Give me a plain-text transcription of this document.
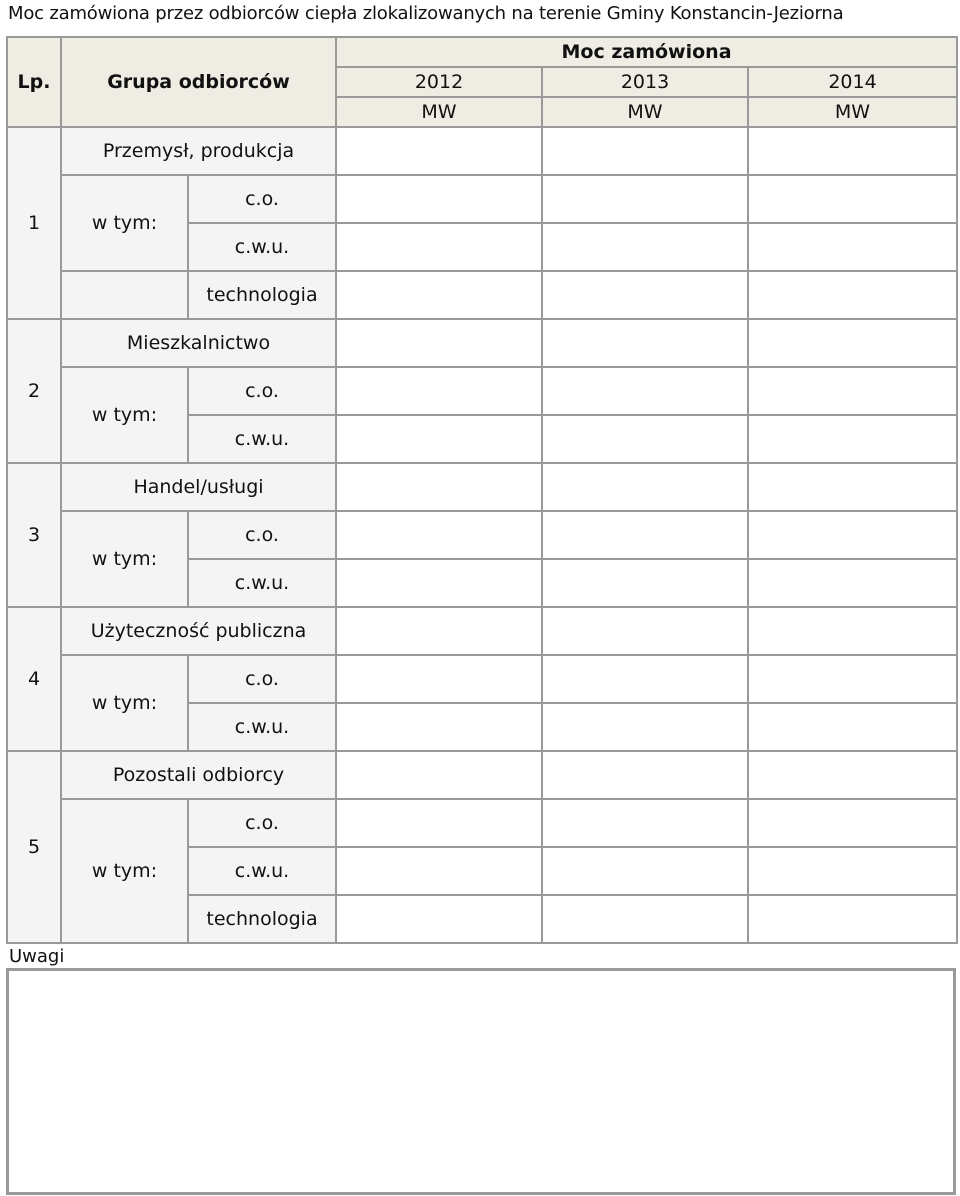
Moc zamówiona przez odbiorców ciepła zlokalizowanych na terenie Gminy Konstancin-Jeziorna
Lp.	Grupa odbiorców		Moc zamówiona		
			2012	2013	2014
			MW	MW	MW
1	Przemysł, produkcja				
	w tym:	c.o.			
		c.w.u.			
		technologia			
2	Mieszkalnictwo				
	w tym:	c.o.			
		c.w.u.			
3	Handel/usługi				
	w tym:	c.o.			
		c.w.u.			
4	Użyteczność publiczna				
	w tym:	c.o.			
		c.w.u.			
5	Pozostali odbiorcy				
	w tym:	c.o.			
		c.w.u.			
		technologia			
Uwagi
